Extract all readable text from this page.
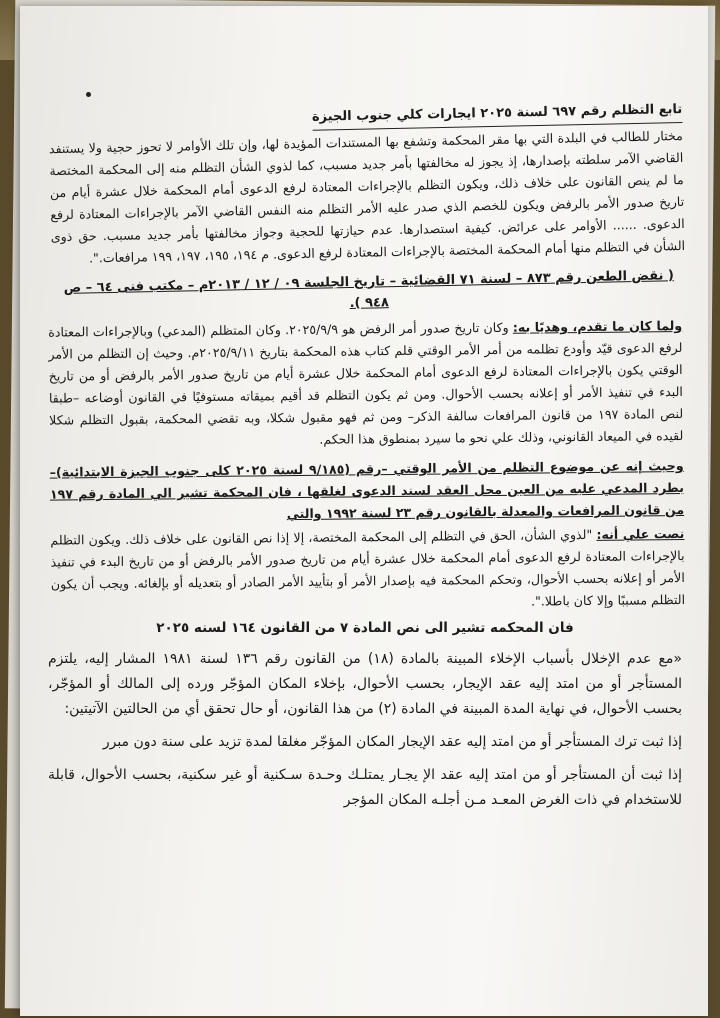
تابع التظلم رقم ٦٩٧ لسنة ٢٠٢٥ ايجارات كلي جنوب الجيزة

مختار للطالب في البلدة التي بها مقر المحكمة وتشفع بها المستندات المؤيدة لها، وإن تلك الأوامر لا تحوز حجية ولا يستنفد القاضي الآمر سلطته بإصدارها، إذ يجوز له مخالفتها بأمر جديد مسبب، كما لذوي الشأن التظلم منه إلى المحكمة المختصة ما لم ينص القانون على خلاف ذلك، ويكون التظلم بالإجراءات المعتادة لرفع الدعوى أمام المحكمة خلال عشرة أيام من تاريخ صدور الأمر بالرفض ويكون للخصم الذي صدر عليه الأمر التظلم منه النفس القاضي الآمر بالإجراءات المعتادة لرفع الدعوى. ...... الأوامر على عرائض. كيفية استصدارها. عدم حيازتها للحجية وجواز مخالفتها بأمر جديد مسبب. حق ذوى الشأن في التظلم منها أمام المحكمة المختصة بالإجراءات المعتادة لرفع الدعوى. م ١٩٤، ١٩٥، ١٩٧، ١٩٩ مرافعات.".

( نقض الطعن رقم ٨٧٣ – لسنة ٧١ القضائية – تاريخ الجلسة ٠٩ / ١٢ / ٢٠١٣م – مكتب فنى ٦٤ – ص ٩٤٨ ).

ولما كان ما تقدم، وهديًا به: وكان تاريخ صدور أمر الرفض هو ٢٠٢٥/٩/٩. وكان المتظلم (المدعي) وبالإجراءات المعتادة لرفع الدعوى قيّد وأودع تظلمه من أمر الأمر الوقتي قلم كتاب هذه المحكمة بتاريخ ٢٠٢٥/٩/١١م. وحيث إن التظلم من الأمر الوقتي يكون بالإجراءات المعتادة لرفع الدعوى أمام المحكمة خلال عشرة أيام من تاريخ صدور الأمر بالرفض أو من تاريخ البدء في تنفيذ الأمر أو إعلانه بحسب الأحوال. ومن ثم يكون التظلم قد أقيم بميقاته مستوفيًا في القانون أوضاعه –طبقا لنص المادة ١٩٧ من قانون المرافعات سالفة الذكر– ومن ثم فهو مقبول شكلا، وبه تقضي المحكمة، بقبول التظلم شكلا لقيده في الميعاد القانوني، وذلك علي نحو ما سيرد بمنطوق هذا الحكم.

وحيث إنه عن موضوع التظلم من الأمر الوقتي –رقم (٩/١٨٥ لسنة ٢٠٢٥ كلى جنوب الجيزة الابتدائية)– بطرد المدعي عليه من العين محل العقد لسند الدعوى لغلقها ، فان المحكمة تشير الي المادة رقم ١٩٧ من قانون المرافعات والمعدلة بالقانون رقم ٢٣ لسنة ١٩٩٢ والتي

نصت علي أنه: "لذوي الشأن، الحق في التظلم إلى المحكمة المختصة، إلا إذا نص القانون على خلاف ذلك. ويكون التظلم بالإجراءات المعتادة لرفع الدعوى أمام المحكمة خلال عشرة أيام من تاريخ صدور الأمر بالرفض أو من تاريخ البدء في تنفيذ الأمر أو إعلانه بحسب الأحوال، وتحكم المحكمة فيه بإصدار الأمر أو بتأييد الأمر الصادر أو بتعديله أو بإلغائه. ويجب أن يكون التظلم مسببًا وإلا كان باطلا.".

فان المحكمه تشير الى نص المادة ٧ من القانون ١٦٤ لسنه ٢٠٢٥

«مع عدم الإخلال بأسباب الإخلاء المبينة بالمادة (١٨) من القانون رقم ١٣٦ لسنة ١٩٨١ المشار إليه، يلتزم المستأجر أو من امتد إليه عقد الإيجار، بحسب الأحوال، بإخلاء المكان المؤجّر ورده إلى المالك أو المؤجّر، بحسب الأحوال، في نهاية المدة المبينة في المادة (٢) من هذا القانون، أو حال تحقق أي من الحالتين الآتيتين:

إذا ثبت ترك المستأجر أو من امتد إليه عقد الإيجار المكان المؤجّر مغلقا لمدة تزيد على سنة دون مبرر

إذا ثبت أن المستأجر أو من امتد إليه عقد الإ يجـار يمتلـك وحـدة سـكنية أو غير سكنية، بحسب الأحوال، قابلة للاستخدام في ذات الغرض المعـد مـن أجلـه المكان المؤجر
